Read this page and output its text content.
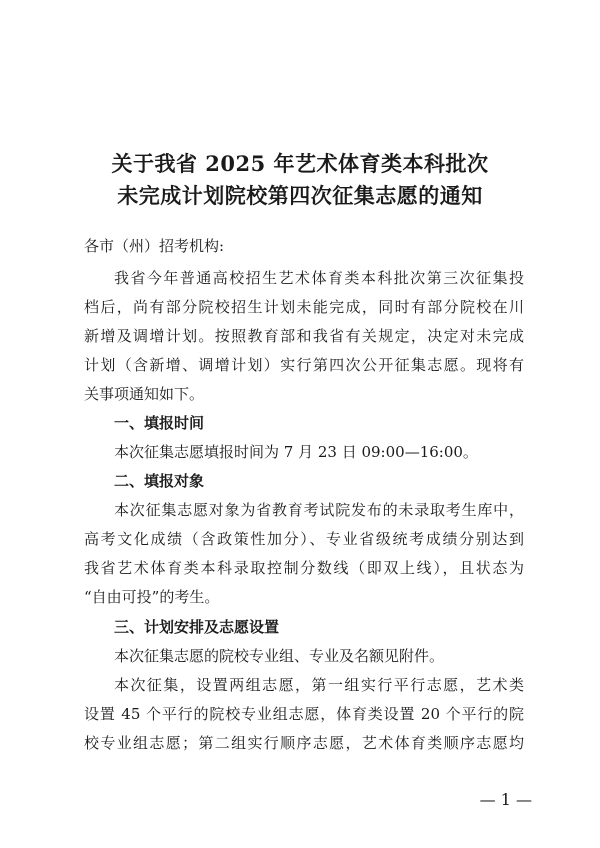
关于我省 2025 年艺术体育类本科批次
未完成计划院校第四次征集志愿的通知
各市（州）招考机构:
我省今年普通高校招生艺术体育类本科批次第三次征集投
档后，尚有部分院校招生计划未能完成，同时有部分院校在川
新增及调增计划。按照教育部和我省有关规定，决定对未完成
计划（含新增、调增计划）实行第四次公开征集志愿。现将有
关事项通知如下。
一、填报时间
本次征集志愿填报时间为 7 月 23 日 09:00—16:00。
二、填报对象
本次征集志愿对象为省教育考试院发布的未录取考生库中，
高考文化成绩（含政策性加分）、专业省级统考成绩分别达到
我省艺术体育类本科录取控制分数线（即双上线），且状态为
“自由可投”的考生。
三、计划安排及志愿设置
本次征集志愿的院校专业组、专业及名额见附件。
本次征集，设置两组志愿，第一组实行平行志愿，艺术类
设置 45 个平行的院校专业组志愿，体育类设置 20 个平行的院
校专业组志愿；第二组实行顺序志愿，艺术体育类顺序志愿均
— 1 —
